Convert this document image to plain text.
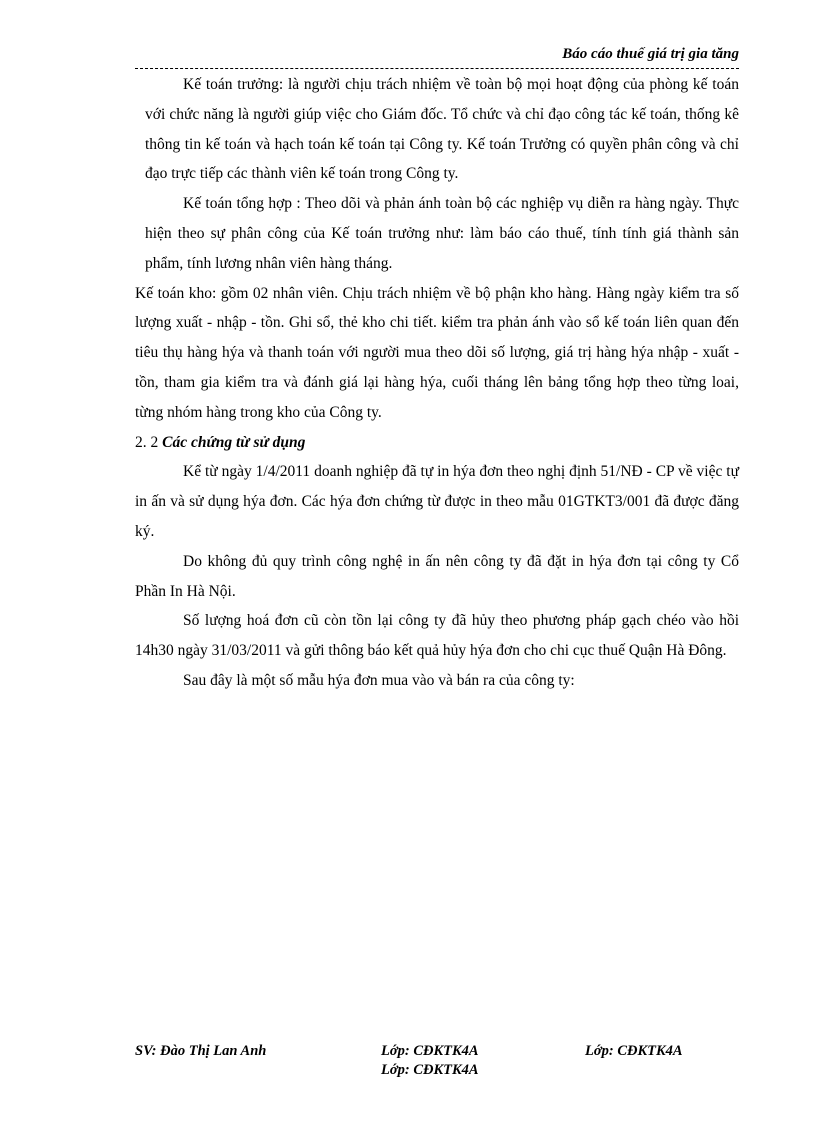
Báo cáo thuế giá trị gia tăng

Kế toán trưởng: là người chịu trách nhiệm về toàn bộ mọi hoạt động của phòng kế toán với chức năng là người giúp việc cho Giám đốc. Tổ chức và chỉ đạo công tác kế toán, thống kê thông tin kế toán và hạch toán kế toán tại Công ty. Kế toán Trưởng có quyền phân công và chỉ đạo trực tiếp các thành viên kế toán trong Công ty.

Kế toán tổng hợp : Theo dõi và phản ánh toàn bộ các nghiệp vụ diễn ra hàng ngày. Thực hiện theo sự phân công của Kế toán trưởng như: làm báo cáo thuế, tính tính giá thành sản phẩm, tính lương nhân viên hàng tháng.

Kế toán kho: gồm 02 nhân viên. Chịu trách nhiệm về bộ phận kho hàng. Hàng ngày kiểm tra số lượng xuất - nhập - tồn. Ghi sổ, thẻ kho chi tiết. kiểm tra phản ánh vào sổ kế toán liên quan đến tiêu thụ hàng hýa và thanh toán với người mua theo dõi số lượng, giá trị hàng hýa nhập - xuất - tồn, tham gia kiểm tra và đánh giá lại hàng hýa, cuối tháng lên bảng tổng hợp theo từng loai, từng nhóm hàng trong kho của Công ty.

2. 2 Các chứng từ sử dụng

Kể từ ngày 1/4/2011 doanh nghiệp đã tự in hýa đơn theo nghị định 51/NĐ - CP về việc tự in ấn và sử dụng hýa đơn. Các hýa đơn chứng từ được in theo mẫu 01GTKT3/001 đã được đăng ký.

Do không đủ quy trình công nghệ in ấn nên công ty đã đặt in hýa đơn tại công ty Cổ Phần In Hà Nội.

Số lượng hoá đơn cũ còn tồn lại công ty đã hủy theo phương pháp gạch chéo vào hồi 14h30 ngày 31/03/2011 và gửi thông báo kết quả hủy hýa đơn cho chi cục thuế Quận Hà Đông.

Sau đây là một số mẫu hýa đơn mua vào và bán ra của công ty:

SV: Đào Thị Lan Anh	Lớp: CĐKTK4A	Lớp: CĐKTK4A
Lớp: CĐKTK4A
